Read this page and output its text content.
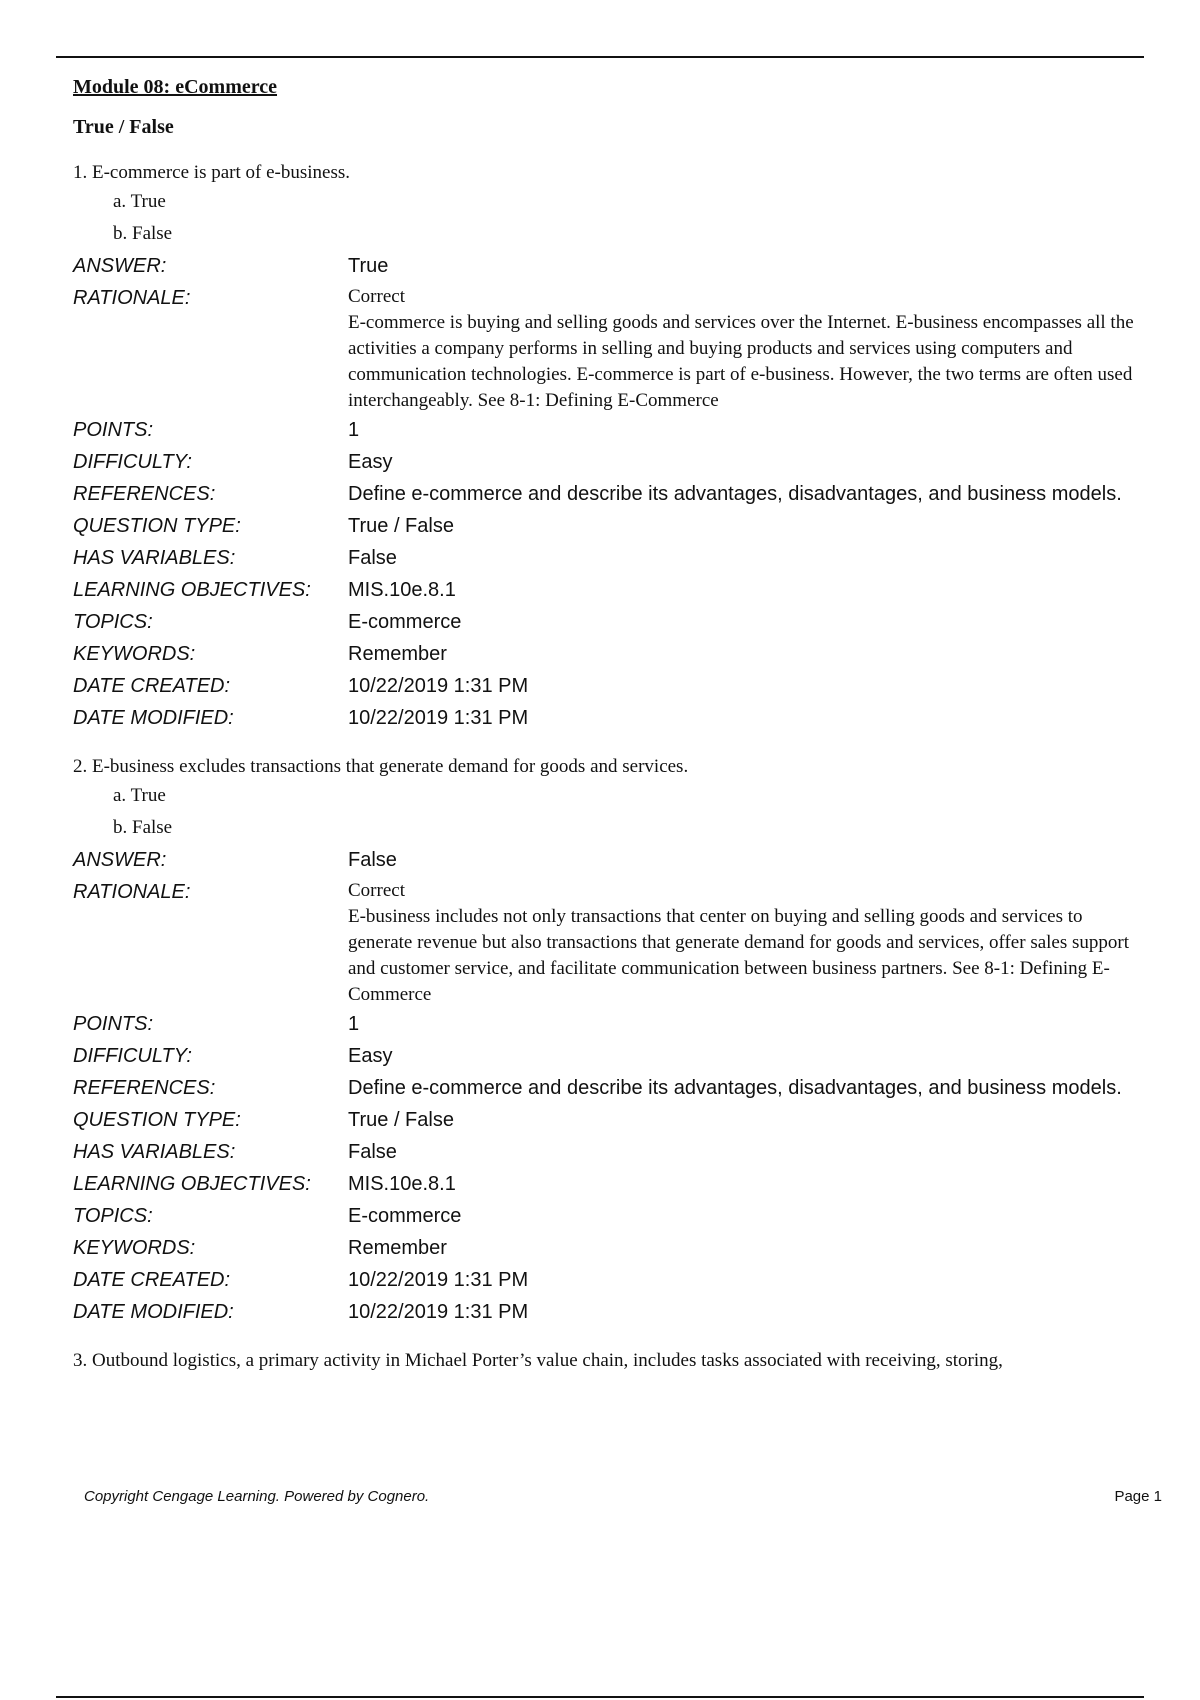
Module 08: eCommerce
True / False
1. E-commerce is part of e-business.
a. True
b. False
ANSWER:	True
RATIONALE:	Correct
E-commerce is buying and selling goods and services over the Internet. E-business encompasses all the activities a company performs in selling and buying products and services using computers and communication technologies. E-commerce is part of e-business. However, the two terms are often used interchangeably. See 8-1: Defining E-Commerce
POINTS:	1
DIFFICULTY:	Easy
REFERENCES:	Define e-commerce and describe its advantages, disadvantages, and business models.
QUESTION TYPE:	True / False
HAS VARIABLES:	False
LEARNING OBJECTIVES:	MIS.10e.8.1
TOPICS:	E-commerce
KEYWORDS:	Remember
DATE CREATED:	10/22/2019 1:31 PM
DATE MODIFIED:	10/22/2019 1:31 PM
2. E-business excludes transactions that generate demand for goods and services.
a. True
b. False
ANSWER:	False
RATIONALE:	Correct
E-business includes not only transactions that center on buying and selling goods and services to generate revenue but also transactions that generate demand for goods and services, offer sales support and customer service, and facilitate communication between business partners. See 8-1: Defining E-Commerce
POINTS:	1
DIFFICULTY:	Easy
REFERENCES:	Define e-commerce and describe its advantages, disadvantages, and business models.
QUESTION TYPE:	True / False
HAS VARIABLES:	False
LEARNING OBJECTIVES:	MIS.10e.8.1
TOPICS:	E-commerce
KEYWORDS:	Remember
DATE CREATED:	10/22/2019 1:31 PM
DATE MODIFIED:	10/22/2019 1:31 PM
3. Outbound logistics, a primary activity in Michael Porter’s value chain, includes tasks associated with receiving, storing,
Copyright Cengage Learning. Powered by Cognero.	Page 1
